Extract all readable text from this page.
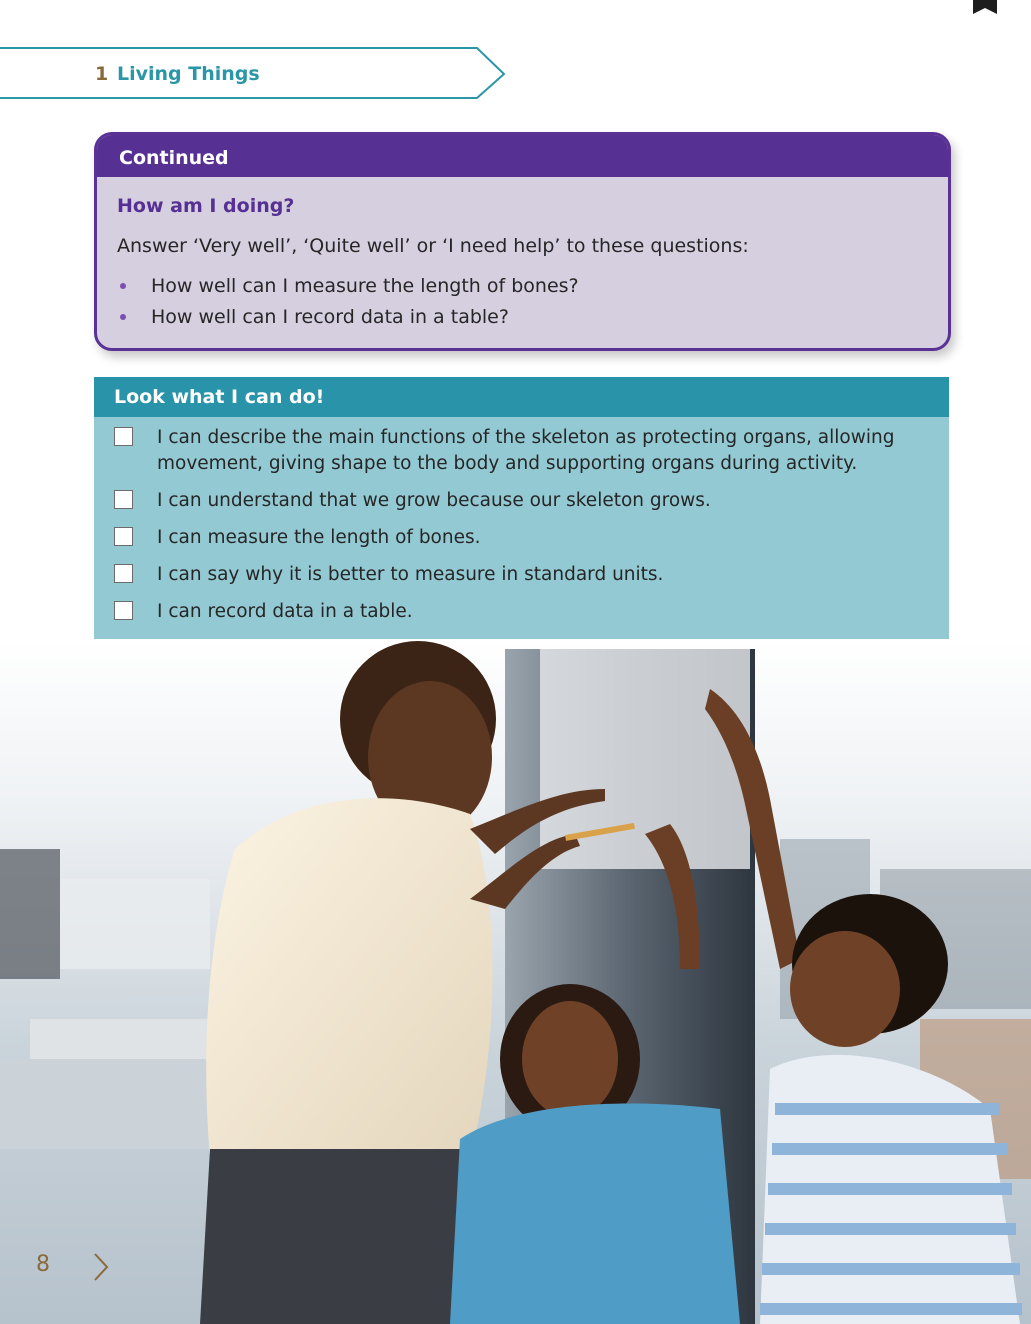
1 Living Things
Continued
How am I doing?
Answer ‘Very well’, ‘Quite well’ or ‘I need help’ to these questions:
How well can I measure the length of bones?
How well can I record data in a table?
Look what I can do!
I can describe the main functions of the skeleton as protecting organs, allowing movement, giving shape to the body and supporting organs during activity.
I can understand that we grow because our skeleton grows.
I can measure the length of bones.
I can say why it is better to measure in standard units.
I can record data in a table.
8
